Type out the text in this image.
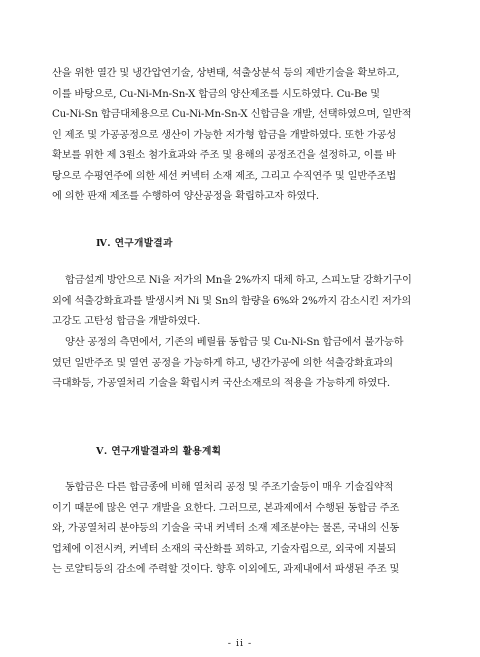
산을 위한 열간 및 냉간압연기술, 상변태, 석출상분석 등의 제반기술을 확보하고,
이를 바탕으로, Cu-Ni-Mn-Sn-X 합금의 양산제조를 시도하였다. Cu-Be 및
Cu-Ni-Sn 합금대체용으로 Cu-Ni-Mn-Sn-X 신합금을 개발, 선택하였으며, 일반적
인 제조 및 가공공정으로 생산이 가능한 저가형 합금을 개발하였다. 또한 가공성
확보를 위한 제 3원소 첨가효과와 주조 및 용해의 공정조건을 설정하고, 이를 바
탕으로 수평연주에 의한 세선 커넥터 소재 제조, 그리고 수직연주 및 일반주조법
에 의한 판재 제조를 수행하여 양산공정을 확립하고자 하였다.
Ⅳ. 연구개발결과
합금설계 방안으로 Ni을 저가의 Mn을 2%까지 대체 하고, 스피노달 강화기구이
외에 석출강화효과를 발생시켜 Ni 및 Sn의 함량을 6%와 2%까지 감소시킨 저가의
고강도 고탄성 합금을 개발하였다.
양산 공정의 측면에서, 기존의 베릴륨 동합금 및 Cu-Ni-Sn 합금에서 불가능하
였던 일반주조 및 열연 공정을 가능하게 하고, 냉간가공에 의한 석출강화효과의
극대화등, 가공열처리 기술을 확립시켜 국산소재로의 적용을 가능하게 하였다.
Ⅴ. 연구개발결과의 활용계획
동합금은 다른 합금종에 비해 열처리 공정 및 주조기술등이 매우 기술집약적
이기 때문에 많은 연구 개발을 요한다. 그러므로, 본과제에서 수행된 동합금 주조
와, 가공열처리 분야등의 기술을 국내 커넥터 소재 제조분야는 물론, 국내의 신동
업체에 이전시켜, 커넥터 소재의 국산화를 꾀하고, 기술자립으로, 외국에 지불되
는 로얄티등의 감소에 주력할 것이다. 향후 이외에도, 과제내에서 파생된 주조 및
- ii -
